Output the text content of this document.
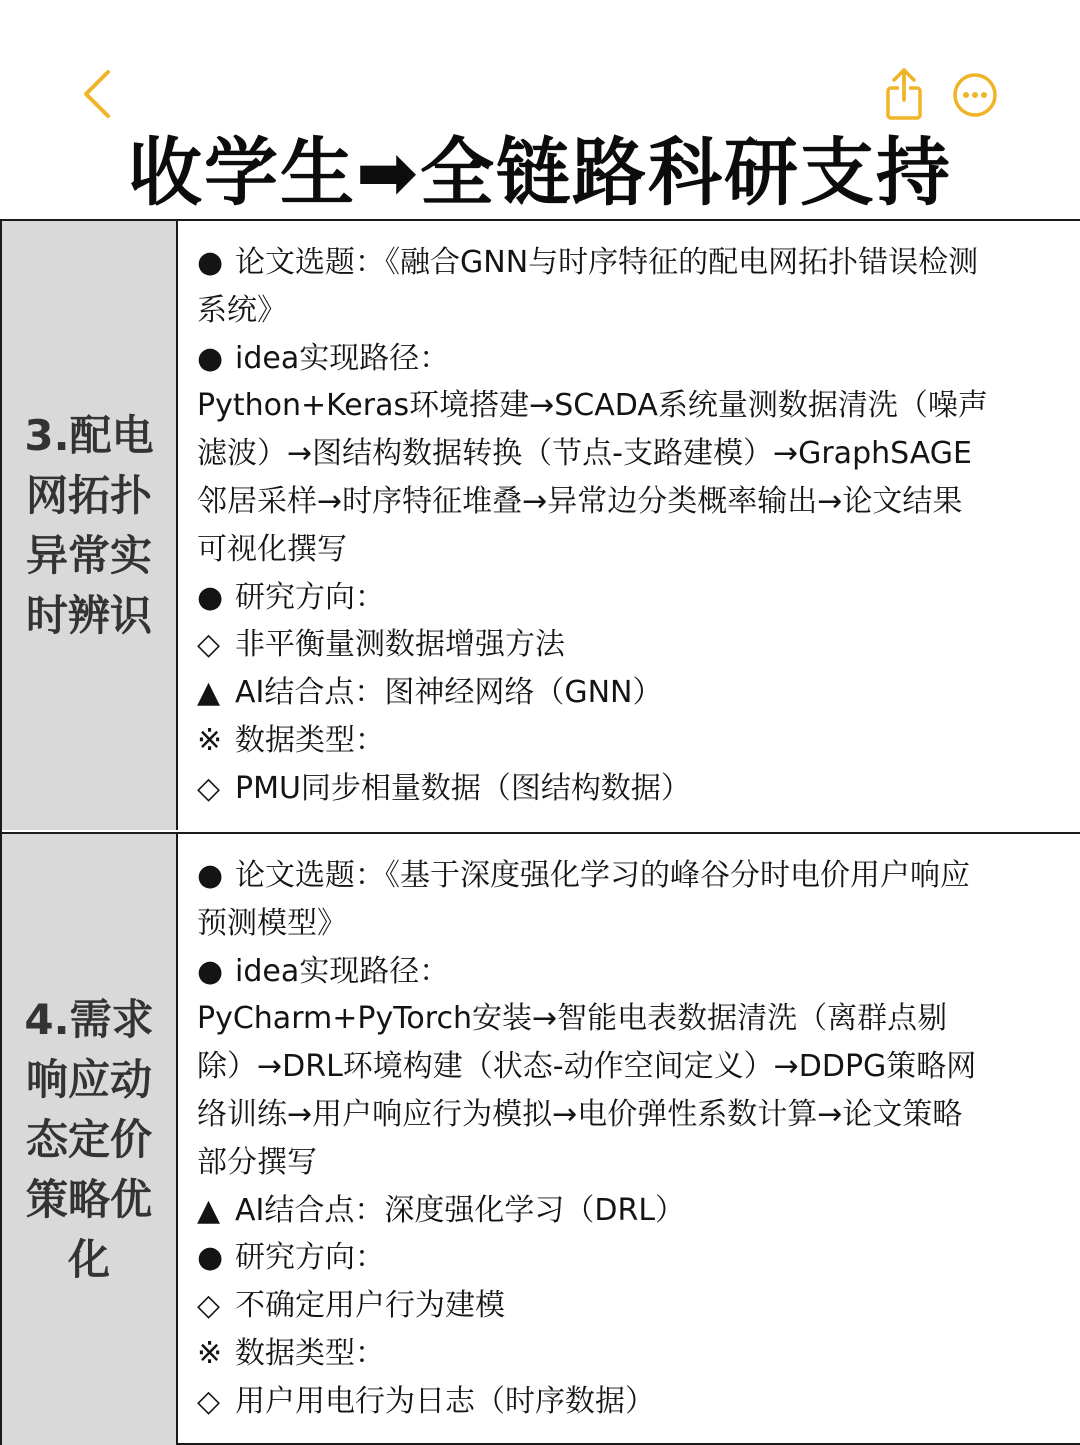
收学生➡全链路科研支持
3.配电网拓扑异常实时辨识
● 论文选题：《融合GNN与时序特征的配电网拓扑错误检测
系统》
● idea实现路径：
Python+Keras环境搭建→SCADA系统量测数据清洗（噪声
滤波）→图结构数据转换（节点-支路建模）→GraphSAGE
邻居采样→时序特征堆叠→异常边分类概率输出→论文结果
可视化撰写
● 研究方向：
◇ 非平衡量测数据增强方法
▲ AI结合点：图神经网络（GNN）
※ 数据类型：
◇ PMU同步相量数据（图结构数据）
4.需求响应动态定价策略优化
● 论文选题：《基于深度强化学习的峰谷分时电价用户响应
预测模型》
● idea实现路径：
PyCharm+PyTorch安装→智能电表数据清洗（离群点剔
除）→DRL环境构建（状态-动作空间定义）→DDPG策略网
络训练→用户响应行为模拟→电价弹性系数计算→论文策略
部分撰写
▲ AI结合点：深度强化学习（DRL）
● 研究方向：
◇ 不确定用户行为建模
※ 数据类型：
◇ 用户用电行为日志（时序数据）
